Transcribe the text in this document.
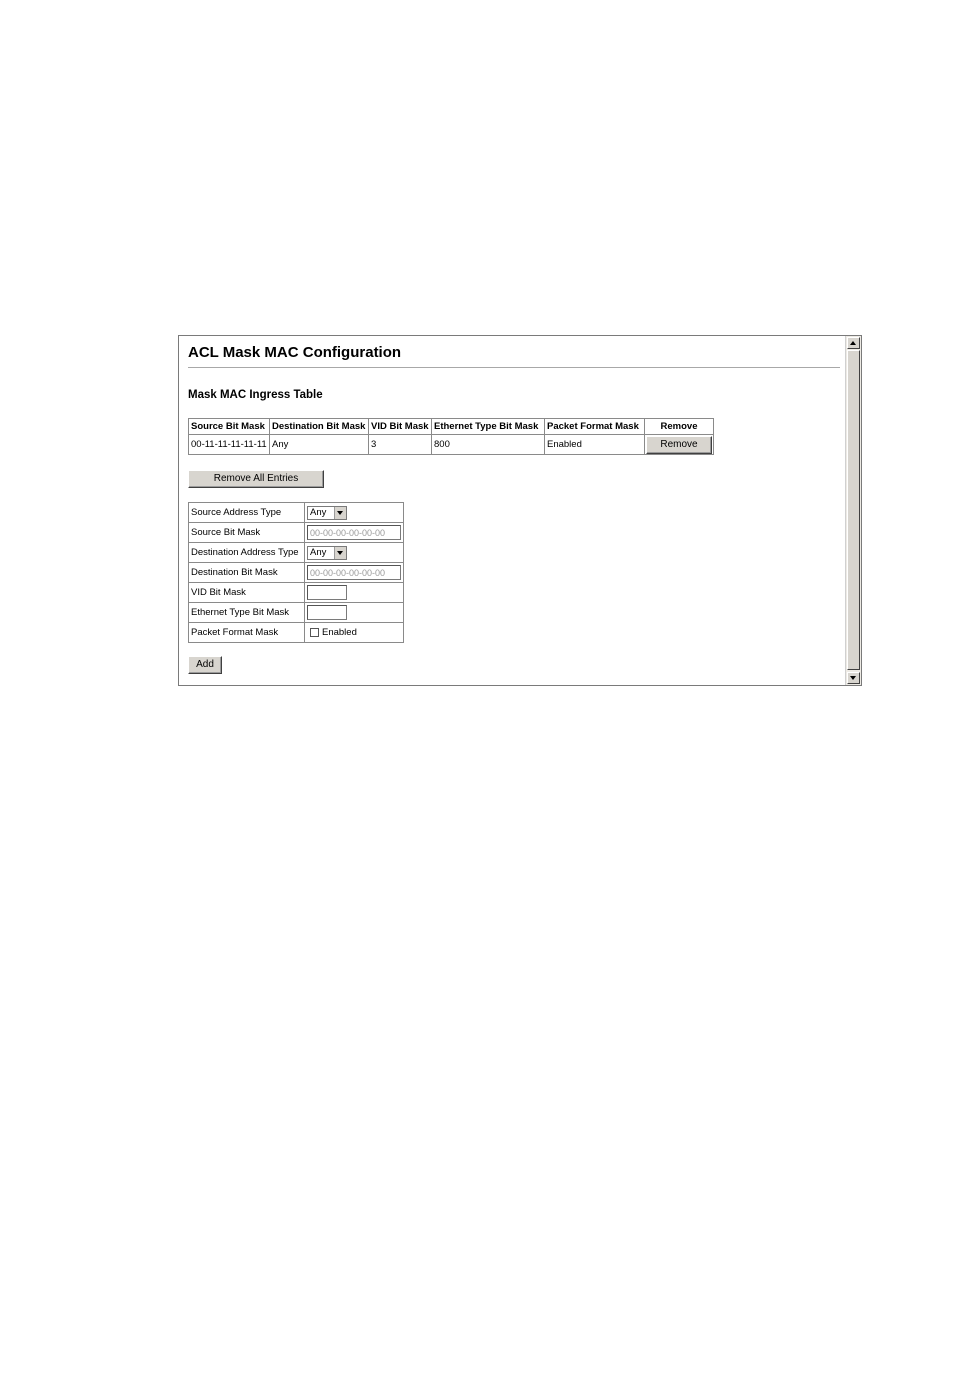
ACL Mask MAC Configuration
Mask MAC Ingress Table
Source Bit Mask	Destination Bit Mask	VID Bit Mask	Ethernet Type Bit Mask	Packet Format Mask	Remove
00-11-11-11-11-11	Any	3	800	Enabled	Remove
Remove All Entries
Source Address Type	Any

Source Bit Mask	00-00-00-00-00-00
Destination Address Type	Any

Destination Bit Mask	00-00-00-00-00-00
VID Bit Mask	
Ethernet Type Bit Mask	
Packet Format Mask	Enabled
Add
